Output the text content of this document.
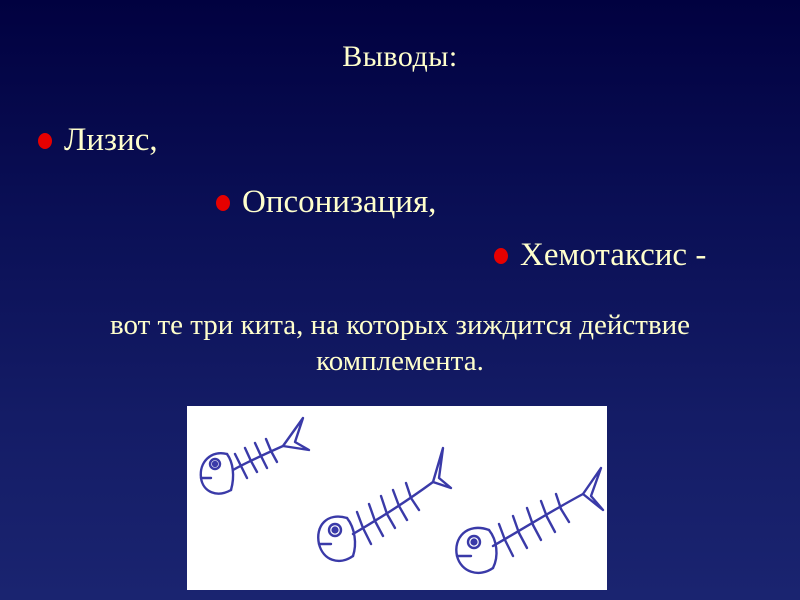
Выводы:
Лизис,
Опсонизация,
Хемотаксис -
вот те три кита, на которых зиждится действие
комплемента.
